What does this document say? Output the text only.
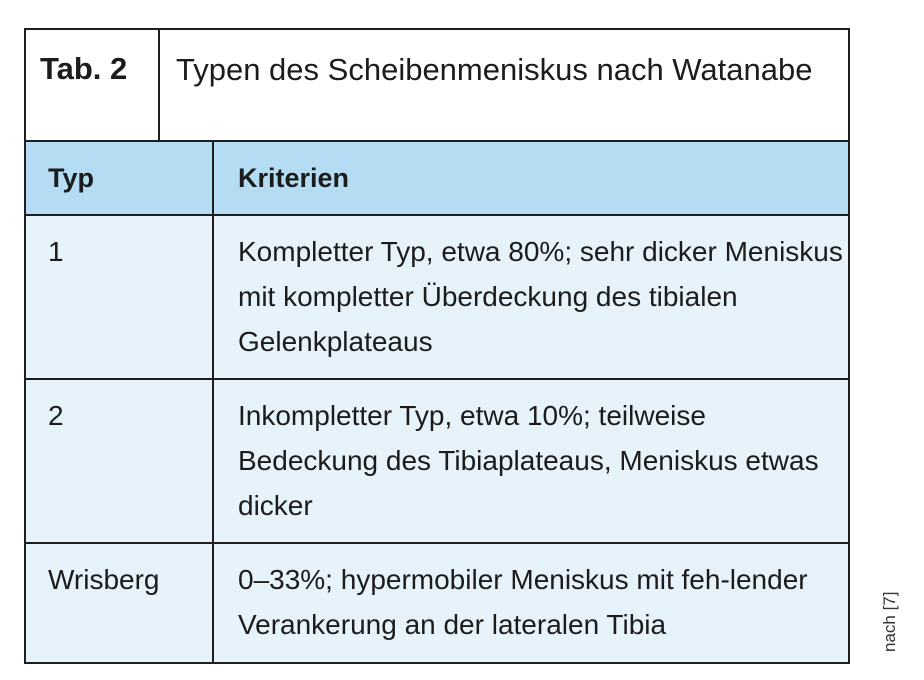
Tab. 2	Typen des Scheibenmeniskus nach Watanabe
Typ	Kriterien
1	Kompletter Typ, etwa 80%; sehr dicker Meniskus mit kompletter Überdeckung des tibialen Gelenkplateaus
2	Inkompletter Typ, etwa 10%; teilweise Bedeckung des Tibiaplateaus, Meniskus etwas dicker
Wrisberg	0–33%; hypermobiler Meniskus mit feh-lender Verankerung an der lateralen Tibia	nach [7]
